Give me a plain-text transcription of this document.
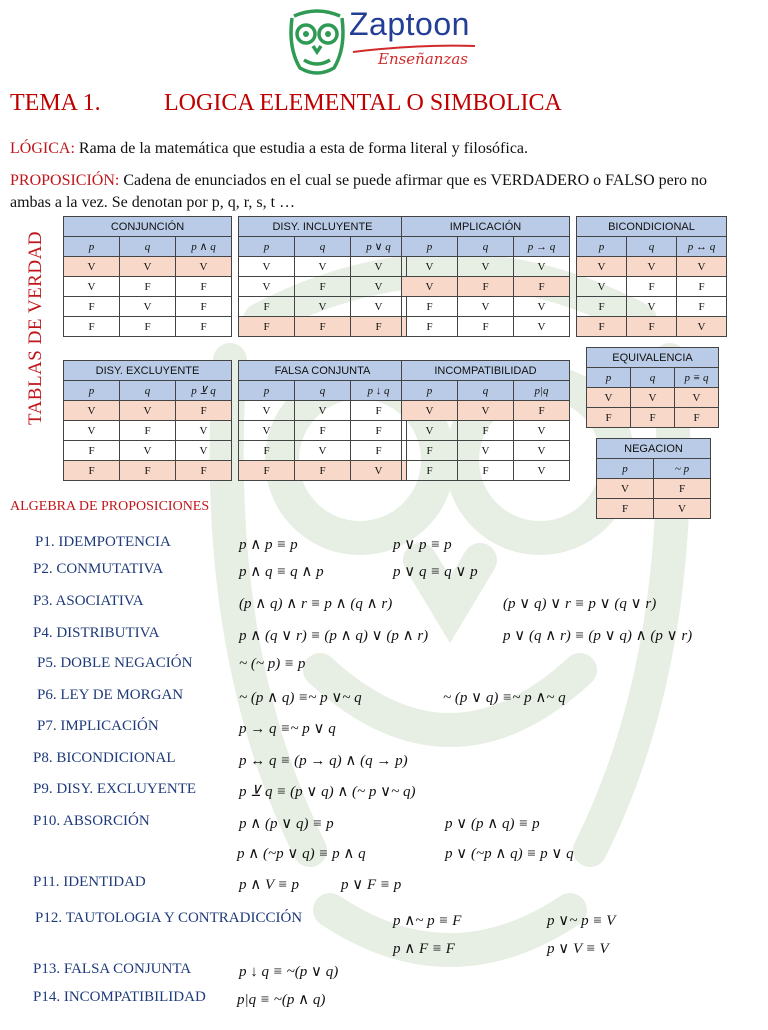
Zaptoon
Enseñanzas
TEMA 1.	LOGICA ELEMENTAL O SIMBOLICA
LÓGICA: Rama de la matemática que estudia a esta de forma literal y filosófica.
PROPOSICIÓN: Cadena de enunciados en el cual se puede afirmar que es VERDADERO o FALSO pero no
ambas a la vez. Se denotan por p, q, r, s, t …
TABLAS DE VERDAD
CONJUNCIÓN		
p	q	p ∧ q
V	V	V
V	F	F
F	V	F
F	F	F
DISY. INCLUYENTE		
p	q	p ∨ q
V	V	V
V	F	V
F	V	V
F	F	F
IMPLICACIÓN		
p	q	p → q
V	V	V
V	F	F
F	V	V
F	F	V
BICONDICIONAL		
p	q	p ↔ q
V	V	V
V	F	F
F	V	F
F	F	V
DISY. EXCLUYENTE		
p	q	p ⊻ q
V	V	F
V	F	V
F	V	V
F	F	F
FALSA CONJUNTA		
p	q	p ↓ q
V	V	F
V	F	F
F	V	F
F	F	V
INCOMPATIBILIDAD		
p	q	p|q
V	V	F
V	F	V
F	V	V
F	F	V
EQUIVALENCIA		
p	q	p ≡ q
V	V	V
F	F	F
NEGACION	
p	~ p
V	F
F	V
ALGEBRA DE PROPOSICIONES
P1. IDEMPOTENCIA	p ∧ p ≡ p	p ∨ p ≡ p
P2. CONMUTATIVA	p ∧ q ≡ q ∧ p	p ∨ q ≡ q ∨ p
P3. ASOCIATIVA	(p ∧ q) ∧ r ≡ p ∧ (q ∧ r)	(p ∨ q) ∨ r ≡ p ∨ (q ∨ r)
P4. DISTRIBUTIVA	p ∧ (q ∨ r) ≡ (p ∧ q) ∨ (p ∧ r)	p ∨ (q ∧ r) ≡ (p ∨ q) ∧ (p ∨ r)
P5. DOBLE NEGACIÓN	~ (~ p) ≡ p
P6. LEY DE MORGAN	~ (p ∧ q) ≡~ p ∨~ q	~ (p ∨ q) ≡~ p ∧~ q
P7. IMPLICACIÓN	p → q ≡~ p ∨ q
P8. BICONDICIONAL	p ↔ q ≡ (p → q) ∧ (q → p)
P9. DISY. EXCLUYENTE	p ⊻ q ≡ (p ∨ q) ∧ (~ p ∨~ q)
P10. ABSORCIÓN	p ∧ (p ∨ q) ≡ p	p ∨ (p ∧ q) ≡ p
p ∧ (~p ∨ q) ≡ p ∧ q	p ∨ (~p ∧ q) ≡ p ∨ q
P11. IDENTIDAD	p ∧ V ≡ p	p ∨ F ≡ p
P12. TAUTOLOGIA Y CONTRADICCIÓN	p ∧~ p ≡ F	p ∨~ p ≡ V
p ∧ F ≡ F	p ∨ V ≡ V
P13. FALSA CONJUNTA	p ↓ q ≡ ~(p ∨ q)
P14. INCOMPATIBILIDAD p|q ≡ ~(p ∧ q)
